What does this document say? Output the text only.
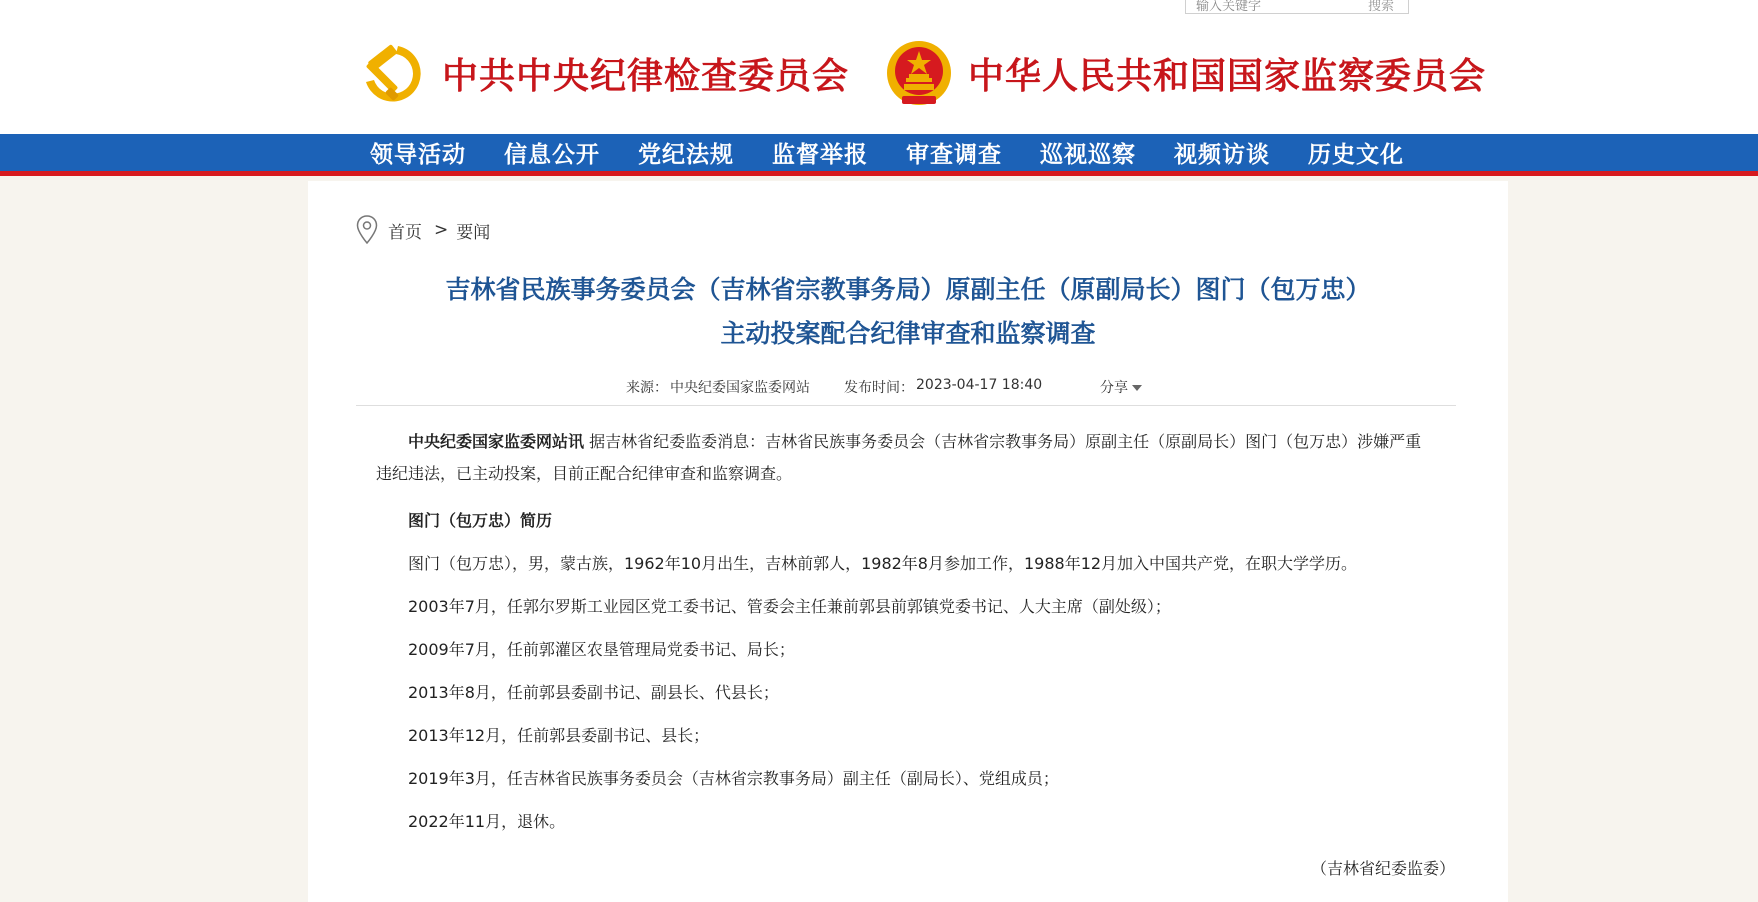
输入关键字	搜索
中共中央纪律检查委员会	中华人民共和国国家监察委员会
领导活动 信息公开 党纪法规 监督举报 审查调查 巡视巡察 视频访谈 历史文化
首页 > 要闻
吉林省民族事务委员会（吉林省宗教事务局）原副主任（原副局长）图门（包万忠）
主动投案配合纪律审查和监察调查
来源： 中央纪委国家监委网站 发布时间： 2023-04-17 18:40	分享

中央纪委国家监委网站讯 据吉林省纪委监委消息：吉林省民族事务委员会（吉林省宗教事务局）原副主任（原副局长）图门（包万忠）涉嫌严重违纪违法，已主动投案，目前正配合纪律审查和监察调查。

图门（包万忠）简历
图门（包万忠），男，蒙古族，1962年10月出生，吉林前郭人，1982年8月参加工作，1988年12月加入中国共产党，在职大学学历。
2003年7月，任郭尔罗斯工业园区党工委书记、管委会主任兼前郭县前郭镇党委书记、人大主席（副处级）；
2009年7月，任前郭灌区农垦管理局党委书记、局长；
2013年8月，任前郭县委副书记、副县长、代县长；
2013年12月，任前郭县委副书记、县长；
2019年3月，任吉林省民族事务委员会（吉林省宗教事务局）副主任（副局长）、党组成员；
2022年11月，退休。
（吉林省纪委监委）
